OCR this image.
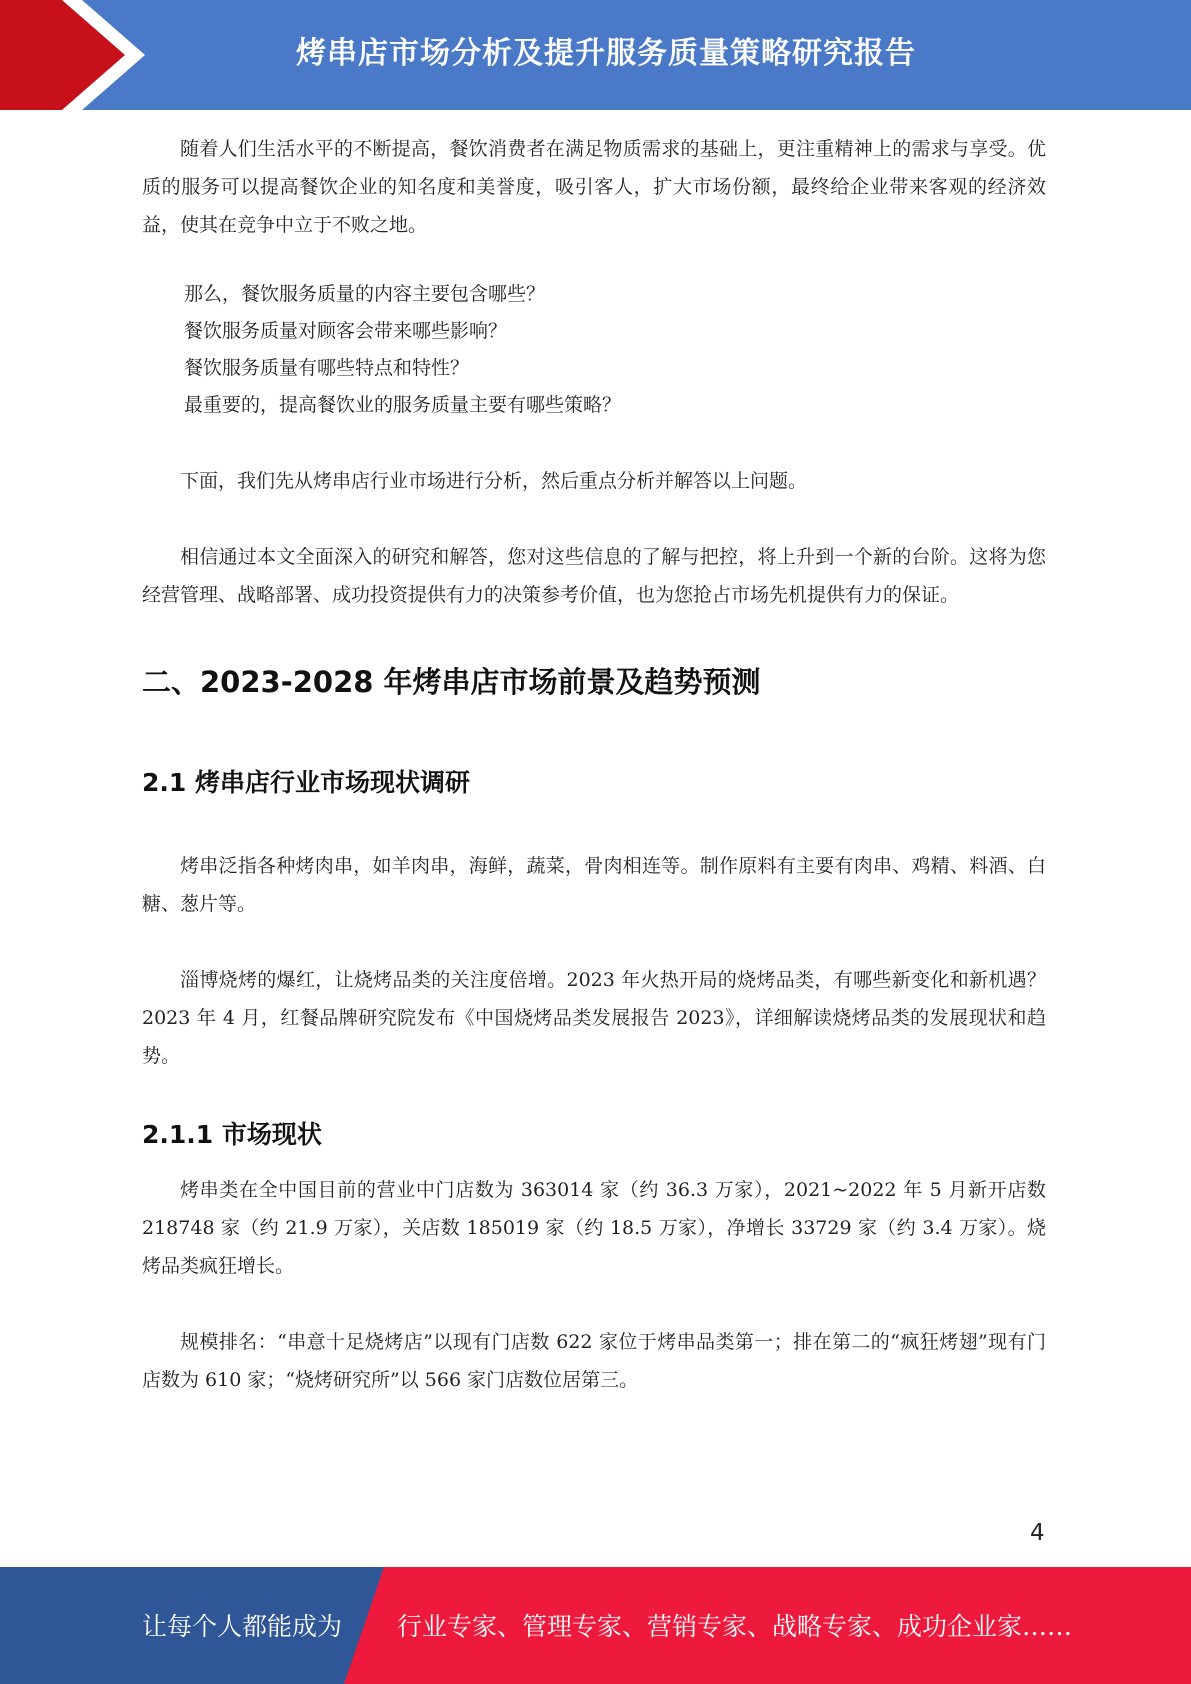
烤串店市场分析及提升服务质量策略研究报告

随着人们生活水平的不断提高，餐饮消费者在满足物质需求的基础上，更注重精神上的需求与享受。优质的服务可以提高餐饮企业的知名度和美誉度，吸引客人，扩大市场份额，最终给企业带来客观的经济效益，使其在竞争中立于不败之地。

那么，餐饮服务质量的内容主要包含哪些？
餐饮服务质量对顾客会带来哪些影响？
餐饮服务质量有哪些特点和特性？
最重要的，提高餐饮业的服务质量主要有哪些策略？

下面，我们先从烤串店行业市场进行分析，然后重点分析并解答以上问题。

相信通过本文全面深入的研究和解答，您对这些信息的了解与把控，将上升到一个新的台阶。这将为您经营管理、战略部署、成功投资提供有力的决策参考价值，也为您抢占市场先机提供有力的保证。

二、2023-2028 年烤串店市场前景及趋势预测
2.1 烤串店行业市场现状调研

烤串泛指各种烤肉串，如羊肉串，海鲜，蔬菜，骨肉相连等。制作原料有主要有肉串、鸡精、料酒、白糖、葱片等。

淄博烧烤的爆红，让烧烤品类的关注度倍增。2023 年火热开局的烧烤品类，有哪些新变化和新机遇？2023 年 4 月，红餐品牌研究院发布《中国烧烤品类发展报告 2023》，详细解读烧烤品类的发展现状和趋势。

2.1.1 市场现状

烤串类在全中国目前的营业中门店数为 363014 家（约 36.3 万家），2021~2022 年 5 月新开店数 218748 家（约 21.9 万家），关店数 185019 家（约 18.5 万家），净增长 33729 家（约 3.4 万家）。烧烤品类疯狂增长。

规模排名：“串意十足烧烤店”以现有门店数 622 家位于烤串品类第一；排在第二的“疯狂烤翅”现有门店数为 610 家；“烧烤研究所”以 566 家门店数位居第三。

4
让每个人都能成为 行业专家、管理专家、营销专家、战略专家、成功企业家……
